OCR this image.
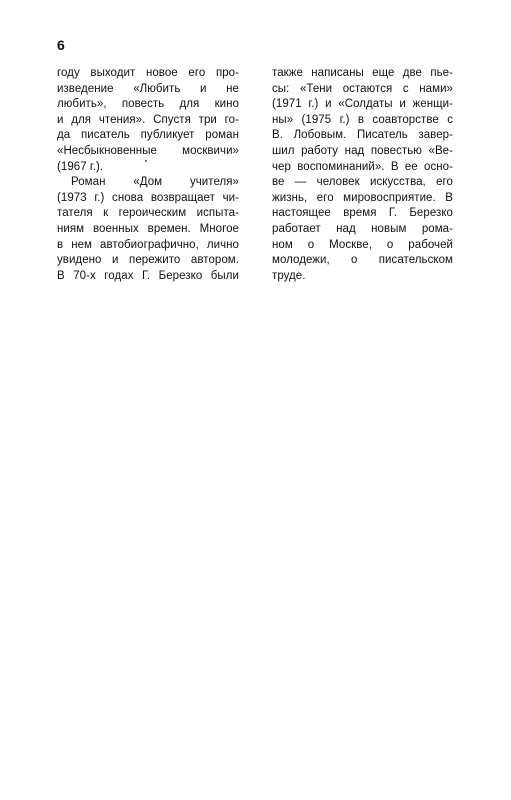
6
году выходит новое его про-
изведение «Любить и не
любить», повесть для кино
и для чтения». Спустя три го-
да писатель публикует роман
«Несбыкновенные москвичи»
(1967 г.).
Роман «Дом учителя»
(1973 г.) снова возвращает чи-
тателя к героическим испыта-
ниям военных времен. Многое
в нем автобиографично, лично
увидено и пережито автором.
В 70-х годах Г. Березко были
также написаны еще две пье-
сы: «Тени остаются с нами»
(1971 г.) и «Солдаты и женщи-
ны» (1975 г.) в соавторстве с
В. Лобовым. Писатель завер-
шил работу над повестью «Ве-
чер воспоминаний». В ее осно-
ве — человек искусства, его
жизнь, его мировосприятие. В
настоящее время Г. Березко
работает над новым рома-
ном о Москве, о рабочей
молодежи, о писательском
труде.
